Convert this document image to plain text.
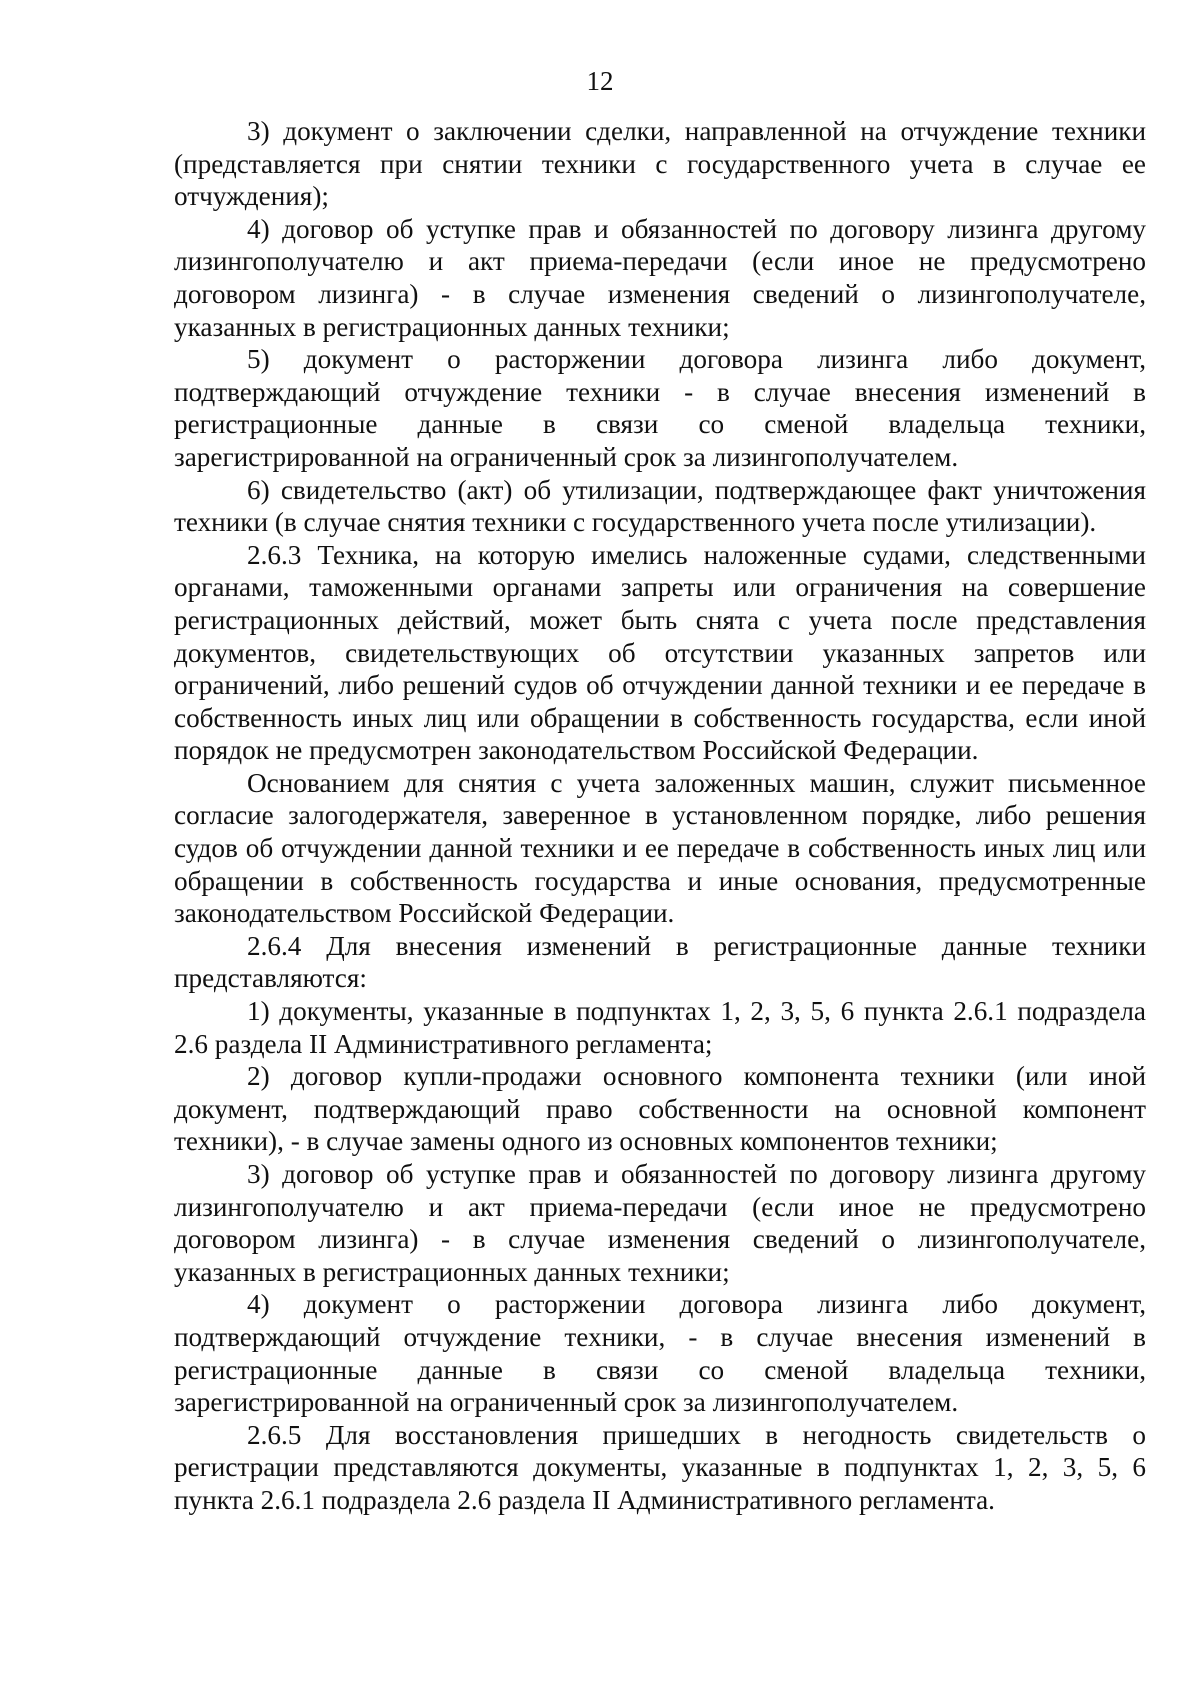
12

3) документ о заключении сделки, направленной на отчуждение техники (представляется при снятии техники с государственного учета в случае ее отчуждения);

4) договор об уступке прав и обязанностей по договору лизинга другому лизингополучателю и акт приема-передачи (если иное не предусмотрено договором лизинга) - в случае изменения сведений о лизингополучателе, указанных в регистрационных данных техники;

5) документ о расторжении договора лизинга либо документ, подтверждающий отчуждение техники - в случае внесения изменений в регистрационные данные в связи со сменой владельца техники, зарегистрированной на ограниченный срок за лизингополучателем.

6) свидетельство (акт) об утилизации, подтверждающее факт уничтожения техники (в случае снятия техники с государственного учета после утилизации).

2.6.3 Техника, на которую имелись наложенные судами, следственными органами, таможенными органами запреты или ограничения на совершение регистрационных действий, может быть снята с учета после представления документов, свидетельствующих об отсутствии указанных запретов или ограничений, либо решений судов об отчуждении данной техники и ее передаче в собственность иных лиц или обращении в собственность государства, если иной порядок не предусмотрен законодательством Российской Федерации.

Основанием для снятия с учета заложенных машин, служит письменное согласие залогодержателя, заверенное в установленном порядке, либо решения судов об отчуждении данной техники и ее передаче в собственность иных лиц или обращении в собственность государства и иные основания, предусмотренные законодательством Российской Федерации.

2.6.4 Для внесения изменений в регистрационные данные техники представляются:

1) документы, указанные в подпунктах 1, 2, 3, 5, 6 пункта 2.6.1 подраздела 2.6 раздела II Административного регламента;

2) договор купли-продажи основного компонента техники (или иной документ, подтверждающий право собственности на основной компонент техники), - в случае замены одного из основных компонентов техники;

3) договор об уступке прав и обязанностей по договору лизинга другому лизингополучателю и акт приема-передачи (если иное не предусмотрено договором лизинга) - в случае изменения сведений о лизингополучателе, указанных в регистрационных данных техники;

4) документ о расторжении договора лизинга либо документ, подтверждающий отчуждение техники, - в случае внесения изменений в регистрационные данные в связи со сменой владельца техники, зарегистрированной на ограниченный срок за лизингополучателем.

2.6.5 Для восстановления пришедших в негодность свидетельств о регистрации представляются документы, указанные в подпунктах 1, 2, 3, 5, 6 пункта 2.6.1 подраздела 2.6 раздела II Административного регламента.
